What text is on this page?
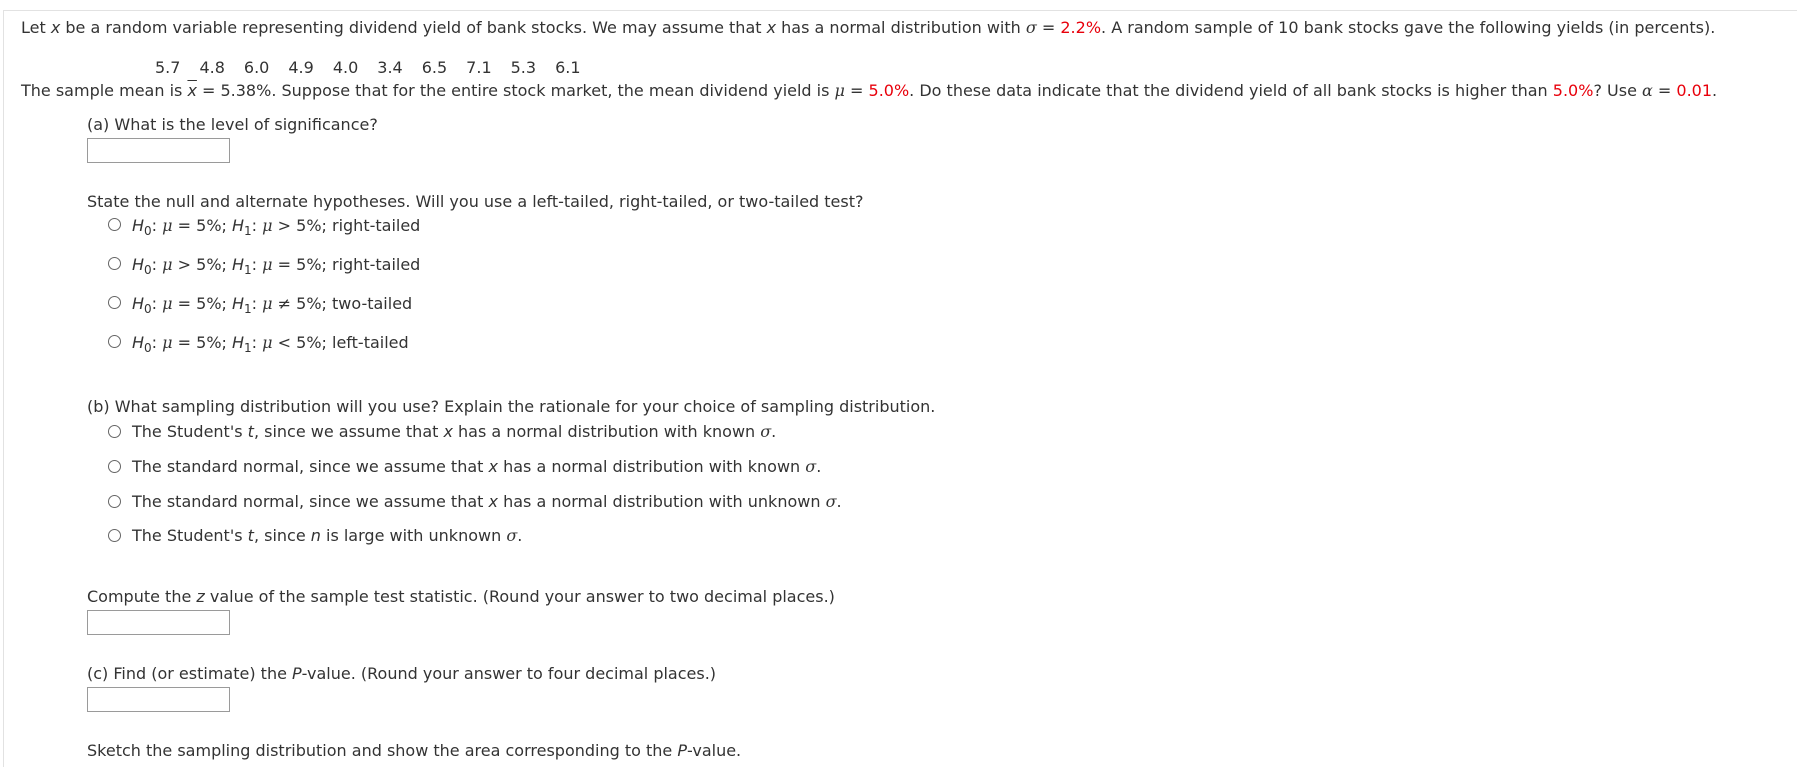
Let x be a random variable representing dividend yield of bank stocks. We may assume that x has a normal distribution with σ = 2.2%. A random sample of 10 bank stocks gave the following yields (in percents).
5.7 4.8 6.0 4.9 4.0 3.4 6.5 7.1 5.3 6.1
The sample mean is $\overline{x} = 5.38\%$. Suppose that for the entire stock market, the mean dividend yield is μ = 5.0%. Do these data indicate that the dividend yield of all bank stocks is higher than 5.0%? Use α = 0.01.
(a) What is the level of significance?
State the null and alternate hypotheses. Will you use a left-tailed, right-tailed, or two-tailed test?
$H_0$: μ = 5%; $H_1$: μ > 5%; right-tailed
$H_0$: μ > 5%; $H_1$: μ = 5%; right-tailed
$H_0$: μ = 5%; $H_1$: μ ≠ 5%; two-tailed
$H_0$: μ = 5%; $H_1$: μ < 5%; left-tailed
(b) What sampling distribution will you use? Explain the rationale for your choice of sampling distribution.
The Student's t, since we assume that x has a normal distribution with known σ.
The standard normal, since we assume that x has a normal distribution with known σ.
The standard normal, since we assume that x has a normal distribution with unknown σ.
The Student's t, since n is large with unknown σ.
Compute the z value of the sample test statistic. (Round your answer to two decimal places.)
(c) Find (or estimate) the P-value. (Round your answer to four decimal places.)
Sketch the sampling distribution and show the area corresponding to the P-value.
